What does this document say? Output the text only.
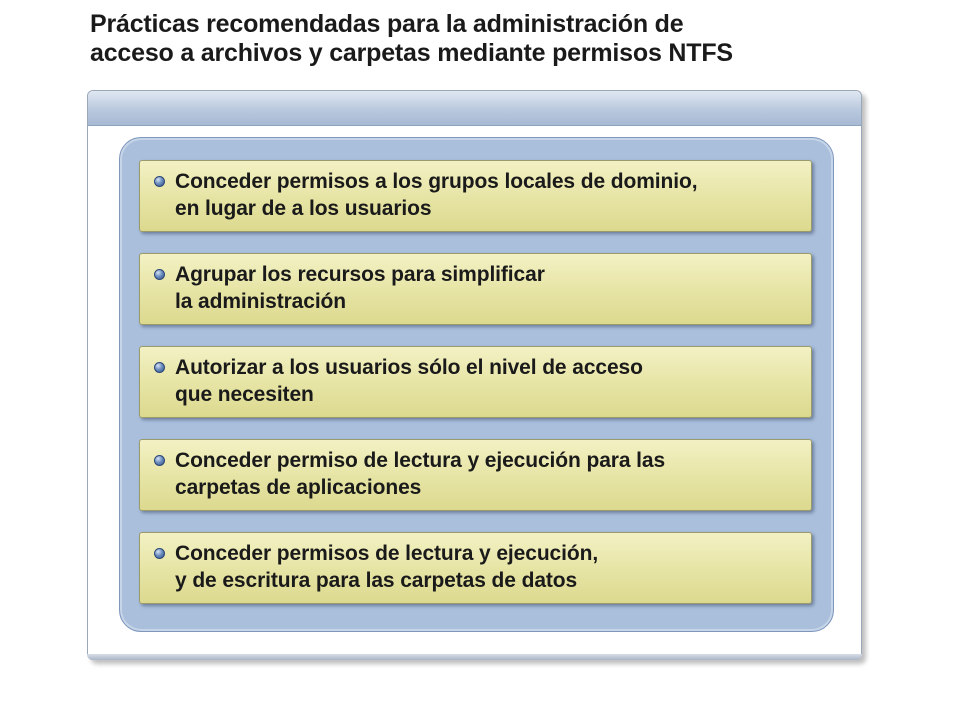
Prácticas recomendadas para la administración de
acceso a archivos y carpetas mediante permisos NTFS
Conceder permisos a los grupos locales de dominio,
en lugar de a los usuarios
Agrupar los recursos para simplificar
la administración
Autorizar a los usuarios sólo el nivel de acceso
que necesiten
Conceder permiso de lectura y ejecución para las
carpetas de aplicaciones
Conceder permisos de lectura y ejecución,
y de escritura para las carpetas de datos
